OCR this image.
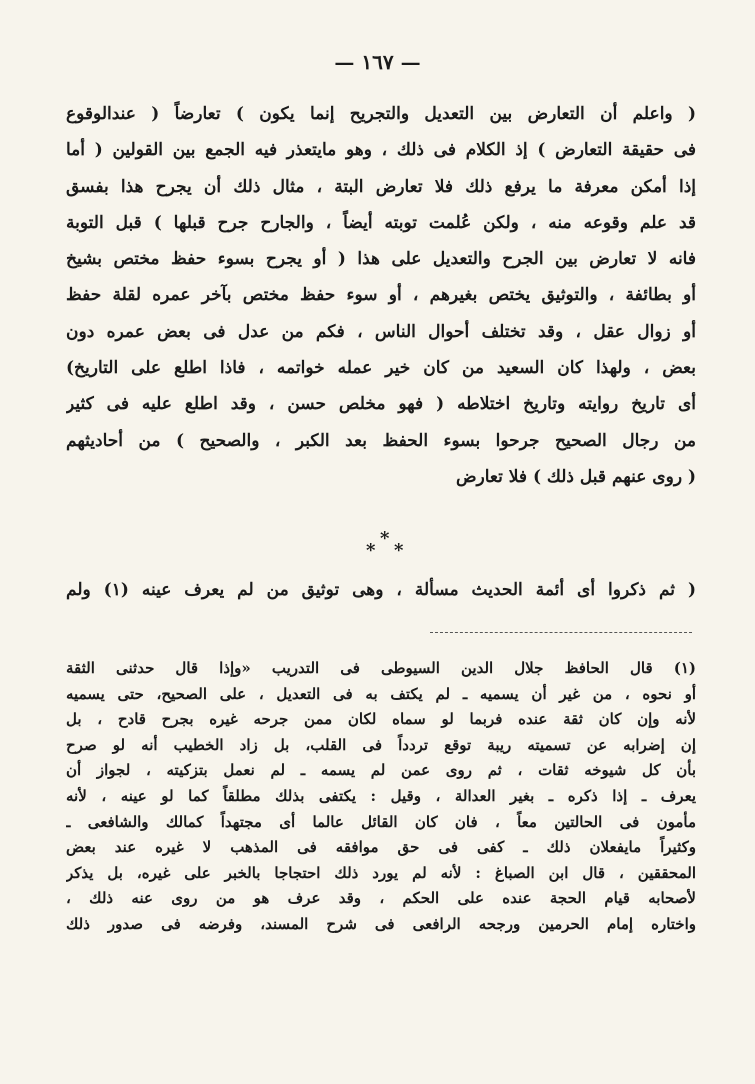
— ١٦٧ —
( واعلم أن التعارض بين التعديل والتجريح إنما يكون ) تعارضاً ( عندالوقوع
فى حقيقة التعارض ) إذ الكلام فى ذلك ، وهو مايتعذر فيه الجمع بين القولين ( أما
إذا أمكن معرفة ما يرفع ذلك فلا تعارض البتة ، مثال ذلك أن يجرح هذا بفسق
قد علم وقوعه منه ، ولكن عُلمت توبته أيضاً ، والجارح جرح قبلها ) قبل التوبة
فانه لا تعارض بين الجرح والتعديل على هذا ( أو يجرح بسوء حفظ مختص بشيخ
أو بطائفة ، والتوثيق يختص بغيرهم ، أو سوء حفظ مختص بآخر عمره لقلة حفظ
أو زوال عقل ، وقد تختلف أحوال الناس ، فكم من عدل فى بعض عمره دون
بعض ، ولهذا كان السعيد من كان خير عمله خواتمه ، فاذا اطلع على التاريخ)
أى تاريخ روايته وتاريخ اختلاطه ( فهو مخلص حسن ، وقد اطلع عليه فى كثير
من رجال الصحيح جرحوا بسوء الحفظ بعد الكبر ، والصحيح ) من أحاديثهم
( روى عنهم قبل ذلك ) فلا تعارض
*
*
*
( ثم ذكروا أى أئمة الحديث مسألة ، وهى توثيق من لم يعرف عينه (١) ولم
(١) قال الحافظ جلال الدين السيوطى فى التدريب «وإذا قال حدثنى الثقة
أو نحوه ، من غير أن يسميه ـ لم يكتف به فى التعديل ، على الصحيح، حتى يسميه
لأنه وإن كان ثقة عنده فربما لو سماه لكان ممن جرحه غيره بجرح قادح ، بل
إن إضرابه عن تسميته ريبة توقع تردداً فى القلب، بل زاد الخطيب أنه لو صرح
بأن كل شيوخه ثقات ، ثم روى عمن لم يسمه ـ لم نعمل بتزكيته ، لجواز أن
يعرف ـ إذا ذكره ـ بغير العدالة ، وقيل : يكتفى بذلك مطلقاً كما لو عينه ، لأنه
مأمون فى الحالتين معاً ، فان كان القائل عالما أى مجتهداً كمالك والشافعى ـ
وكثيراً مايفعلان ذلك ـ كفى فى حق موافقه فى المذهب لا غيره عند بعض
المحققين ، قال ابن الصباغ : لأنه لم يورد ذلك احتجاجا بالخبر على غيره، بل يذكر
لأصحابه قيام الحجة عنده على الحكم ، وقد عرف هو من روى عنه ذلك ،
واختاره إمام الحرمين ورجحه الرافعى فى شرح المسند، وفرضه فى صدور ذلك
